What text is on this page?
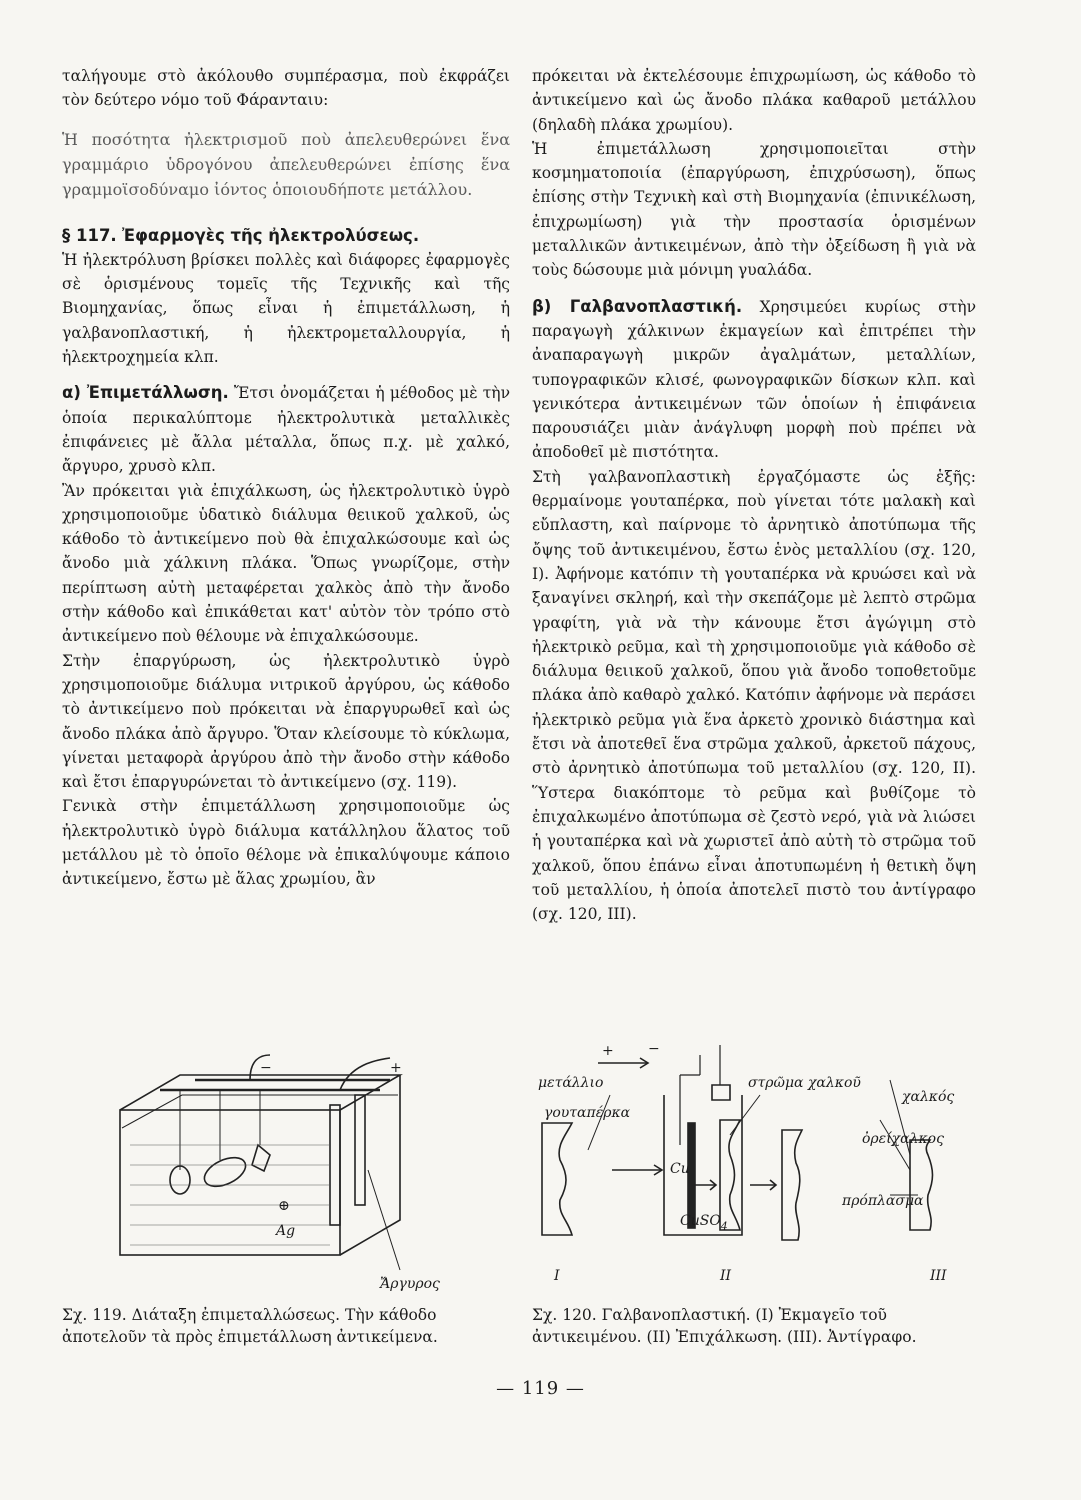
ταλήγουμε στὸ ἀκόλουθο συμπέρασμα, ποὺ ἐκφράζει τὸν δεύτερο νόμο τοῦ Φάρανταιυ:

Ἡ ποσότητα ἠλεκτρισμοῦ ποὺ ἀπελευθερώνει ἕνα γραμμάριο ὑδρογόνου ἀπελευθερώνει ἐπίσης ἕνα γραμμοϊσοδύναμο ἰόντος ὁποιουδήποτε μετάλλου.

§ 117. Ἐφαρμογὲς τῆς ἠλεκτρολύσεως.

Ἡ ἠλεκτρόλυση βρίσκει πολλὲς καὶ διάφορες ἐφαρμογὲς σὲ ὁρισμένους τομεῖς τῆς Τεχνικῆς καὶ τῆς Βιομηχανίας, ὅπως εἶναι ἡ ἐπιμετάλλωση, ἡ γαλβανοπλαστική, ἡ ἠλεκτρομεταλλουργία, ἡ ἠλεκτροχημεία κλπ.

α) Ἐπιμετάλλωση. Ἔτσι ὀνομάζεται ἡ μέθοδος μὲ τὴν ὁποία περικαλύπτομε ἠλεκτρολυτικὰ μεταλλικὲς ἐπιφάνειες μὲ ἄλλα μέταλλα, ὅπως π.χ. μὲ χαλκό, ἄργυρο, χρυσὸ κλπ.

Ἂν πρόκειται γιὰ ἐπιχάλκωση, ὡς ἠλεκτρολυτικὸ ὑγρὸ χρησιμοποιοῦμε ὑδατικὸ διάλυμα θειικοῦ χαλκοῦ, ὡς κάθοδο τὸ ἀντικείμενο ποὺ θὰ ἐπιχαλκώσουμε καὶ ὡς ἄνοδο μιὰ χάλκινη πλάκα. Ὅπως γνωρίζομε, στὴν περίπτωση αὐτὴ μεταφέρεται χαλκὸς ἀπὸ τὴν ἄνοδο στὴν κάθοδο καὶ ἐπικάθεται κατ' αὐτὸν τὸν τρόπο στὸ ἀντικείμενο ποὺ θέλουμε νὰ ἐπιχαλκώσουμε.

Στὴν ἐπαργύρωση, ὡς ἠλεκτρολυτικὸ ὑγρὸ χρησιμοποιοῦμε διάλυμα νιτρικοῦ ἀργύρου, ὡς κάθοδο τὸ ἀντικείμενο ποὺ πρόκειται νὰ ἐπαργυρωθεῖ καὶ ὡς ἄνοδο πλάκα ἀπὸ ἄργυρο. Ὅταν κλείσουμε τὸ κύκλωμα, γίνεται μεταφορὰ ἀργύρου ἀπὸ τὴν ἄνοδο στὴν κάθοδο καὶ ἔτσι ἐπαργυρώνεται τὸ ἀντικείμενο (σχ. 119).

Γενικὰ στὴν ἐπιμετάλλωση χρησιμοποιοῦμε ὡς ἠλεκτρολυτικὸ ὑγρὸ διάλυμα κατάλληλου ἅλατος τοῦ μετάλλου μὲ τὸ ὁποῖο θέλομε νὰ ἐπικαλύψουμε κάποιο ἀντικείμενο, ἔστω μὲ ἅλας χρωμίου, ἂν

πρόκειται νὰ ἐκτελέσουμε ἐπιχρωμίωση, ὡς κάθοδο τὸ ἀντικείμενο καὶ ὡς ἄνοδο πλάκα καθαροῦ μετάλλου (δηλαδὴ πλάκα χρωμίου).

Ἡ ἐπιμετάλλωση χρησιμοποιεῖται στὴν κοσμηματοποιία (ἐπαργύρωση, ἐπιχρύσωση), ὅπως ἐπίσης στὴν Τεχνικὴ καὶ στὴ Βιομηχανία (ἐπινικέλωση, ἐπιχρωμίωση) γιὰ τὴν προστασία ὁρισμένων μεταλλικῶν ἀντικειμένων, ἀπὸ τὴν ὀξείδωση ἢ γιὰ νὰ τοὺς δώσουμε μιὰ μόνιμη γυαλάδα.

β) Γαλβανοπλαστική. Χρησιμεύει κυρίως στὴν παραγωγὴ χάλκινων ἐκμαγείων καὶ ἐπιτρέπει τὴν ἀναπαραγωγὴ μικρῶν ἀγαλμάτων, μεταλλίων, τυπογραφικῶν κλισέ, φωνογραφικῶν δίσκων κλπ. καὶ γενικότερα ἀντικειμένων τῶν ὁποίων ἡ ἐπιφάνεια παρουσιάζει μιὰν ἀνάγλυφη μορφὴ ποὺ πρέπει νὰ ἀποδοθεῖ μὲ πιστότητα.

Στὴ γαλβανοπλαστικὴ ἐργαζόμαστε ὡς ἑξῆς: θερμαίνομε γουταπέρκα, ποὺ γίνεται τότε μαλακὴ καὶ εὔπλαστη, καὶ παίρνομε τὸ ἀρνητικὸ ἀποτύπωμα τῆς ὄψης τοῦ ἀντικειμένου, ἔστω ἑνὸς μεταλλίου (σχ. 120, Ι). Ἀφήνομε κατόπιν τὴ γουταπέρκα νὰ κρυώσει καὶ νὰ ξαναγίνει σκληρή, καὶ τὴν σκεπάζομε μὲ λεπτὸ στρῶμα γραφίτη, γιὰ νὰ τὴν κάνουμε ἔτσι ἀγώγιμη στὸ ἠλεκτρικὸ ρεῦμα, καὶ τὴ χρησιμοποιοῦμε γιὰ κάθοδο σὲ διάλυμα θειικοῦ χαλκοῦ, ὅπου γιὰ ἄνοδο τοποθετοῦμε πλάκα ἀπὸ καθαρὸ χαλκό. Κατόπιν ἀφήνομε νὰ περάσει ἠλεκτρικὸ ρεῦμα γιὰ ἕνα ἀρκετὸ χρονικὸ διάστημα καὶ ἔτσι νὰ ἀποτεθεῖ ἕνα στρῶμα χαλκοῦ, ἀρκετοῦ πάχους, στὸ ἀρνητικὸ ἀποτύπωμα τοῦ μεταλλίου (σχ. 120, ΙΙ). Ὕστερα διακόπτομε τὸ ρεῦμα καὶ βυθίζομε τὸ ἐπιχαλκωμένο ἀποτύπωμα σὲ ζεστὸ νερό, γιὰ νὰ λιώσει ἡ γουταπέρκα καὶ νὰ χωριστεῖ ἀπὸ αὐτὴ τὸ στρῶμα τοῦ χαλκοῦ, ὅπου ἐπάνω εἶναι ἀποτυπωμένη ἡ θετικὴ ὄψη τοῦ μεταλλίου, ἡ ὁποία ἀποτελεῖ πιστὸ του ἀντίγραφο (σχ. 120, ΙΙΙ).

−	+
⊕
Ag
Ἄργυρος
+ −
μετάλλιο
γουταπέρκα
στρῶμα χαλκοῦ
Cu
CuSO$_4$
χαλκός
ὀρείχαλκος
πρόπλασμα
I	II	III
Σχ. 119. Διάταξη ἐπιμεταλλώσεως. Τὴν κάθοδο ἀποτελοῦν τὰ πρὸς ἐπιμετάλλωση ἀντικείμενα.
Σχ. 120. Γαλβανοπλαστική. (Ι) Ἐκμαγεῖο τοῦ ἀντικειμένου. (ΙΙ) Ἐπιχάλκωση. (ΙΙΙ). Ἀντίγραφο.
— 119 —
